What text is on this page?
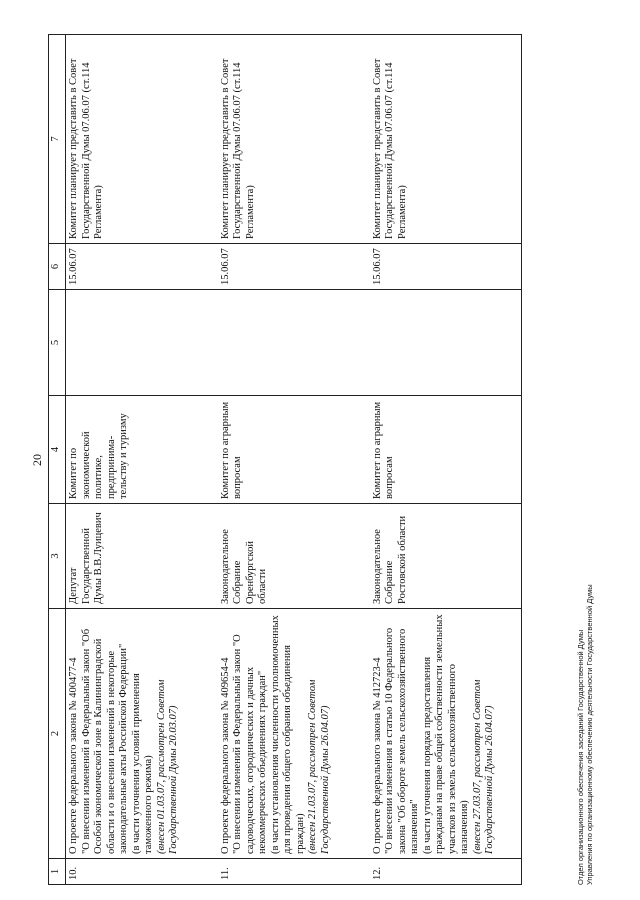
20
1	2	3	4	5	6	7
10.	О проекте федерального закона № 400477-4 "О внесении изменений в Федеральный закон "Об Особой экономической зоне в Калининградской области и о внесении изменений в некоторые законодательные акты Российской Федерации" (в части уточнения условий применения таможенного режима) (внесен 01.03.07, рассмотрен Советом Государственной Думы 20.03.07)	Депутат Государственной Думы В.В.Луицевич	Комитет по экономической политике, предпринима-тельству и туризму		15.06.07	Комитет планирует представить в Совет Государственной Думы 07.06.07 (ст.114 Регламента)
11.	О проекте федерального закона № 409654-4 "О внесении изменений в Федеральный закон "О садоводческих, огороднических и дачных некоммерческих объединениях граждан" (в части установления численности уполномоченных для проведения общего собрания объединения граждан) (внесен 21.03.07, рассмотрен Советом Государственной Думы 26.04.07)	Законодательное Собрание Оренбургской области	Комитет по аграрным вопросам		15.06.07	Комитет планирует представить в Совет Государственной Думы 07.06.07 (ст.114 Регламента)
12.	О проекте федерального закона № 412723-4 "О внесении изменения в статью 10 Федерального закона "Об обороте земель сельскохозяйственного назначения" (в части уточнения порядка предоставления гражданам на праве общей собственности земельных участков из земель сельскохозяйственного назначения) (внесен 27.03.07, рассмотрен Советом Государственной Думы 26.04.07)	Законодательное Собрание Ростовской области	Комитет по аграрным вопросам		15.06.07	Комитет планирует представить в Совет Государственной Думы 07.06.07 (ст.114 Регламента)
Отдел организационного обеспечения заседаний Государственной Думы Управления по организационному обеспечению деятельности Государственной Думы
